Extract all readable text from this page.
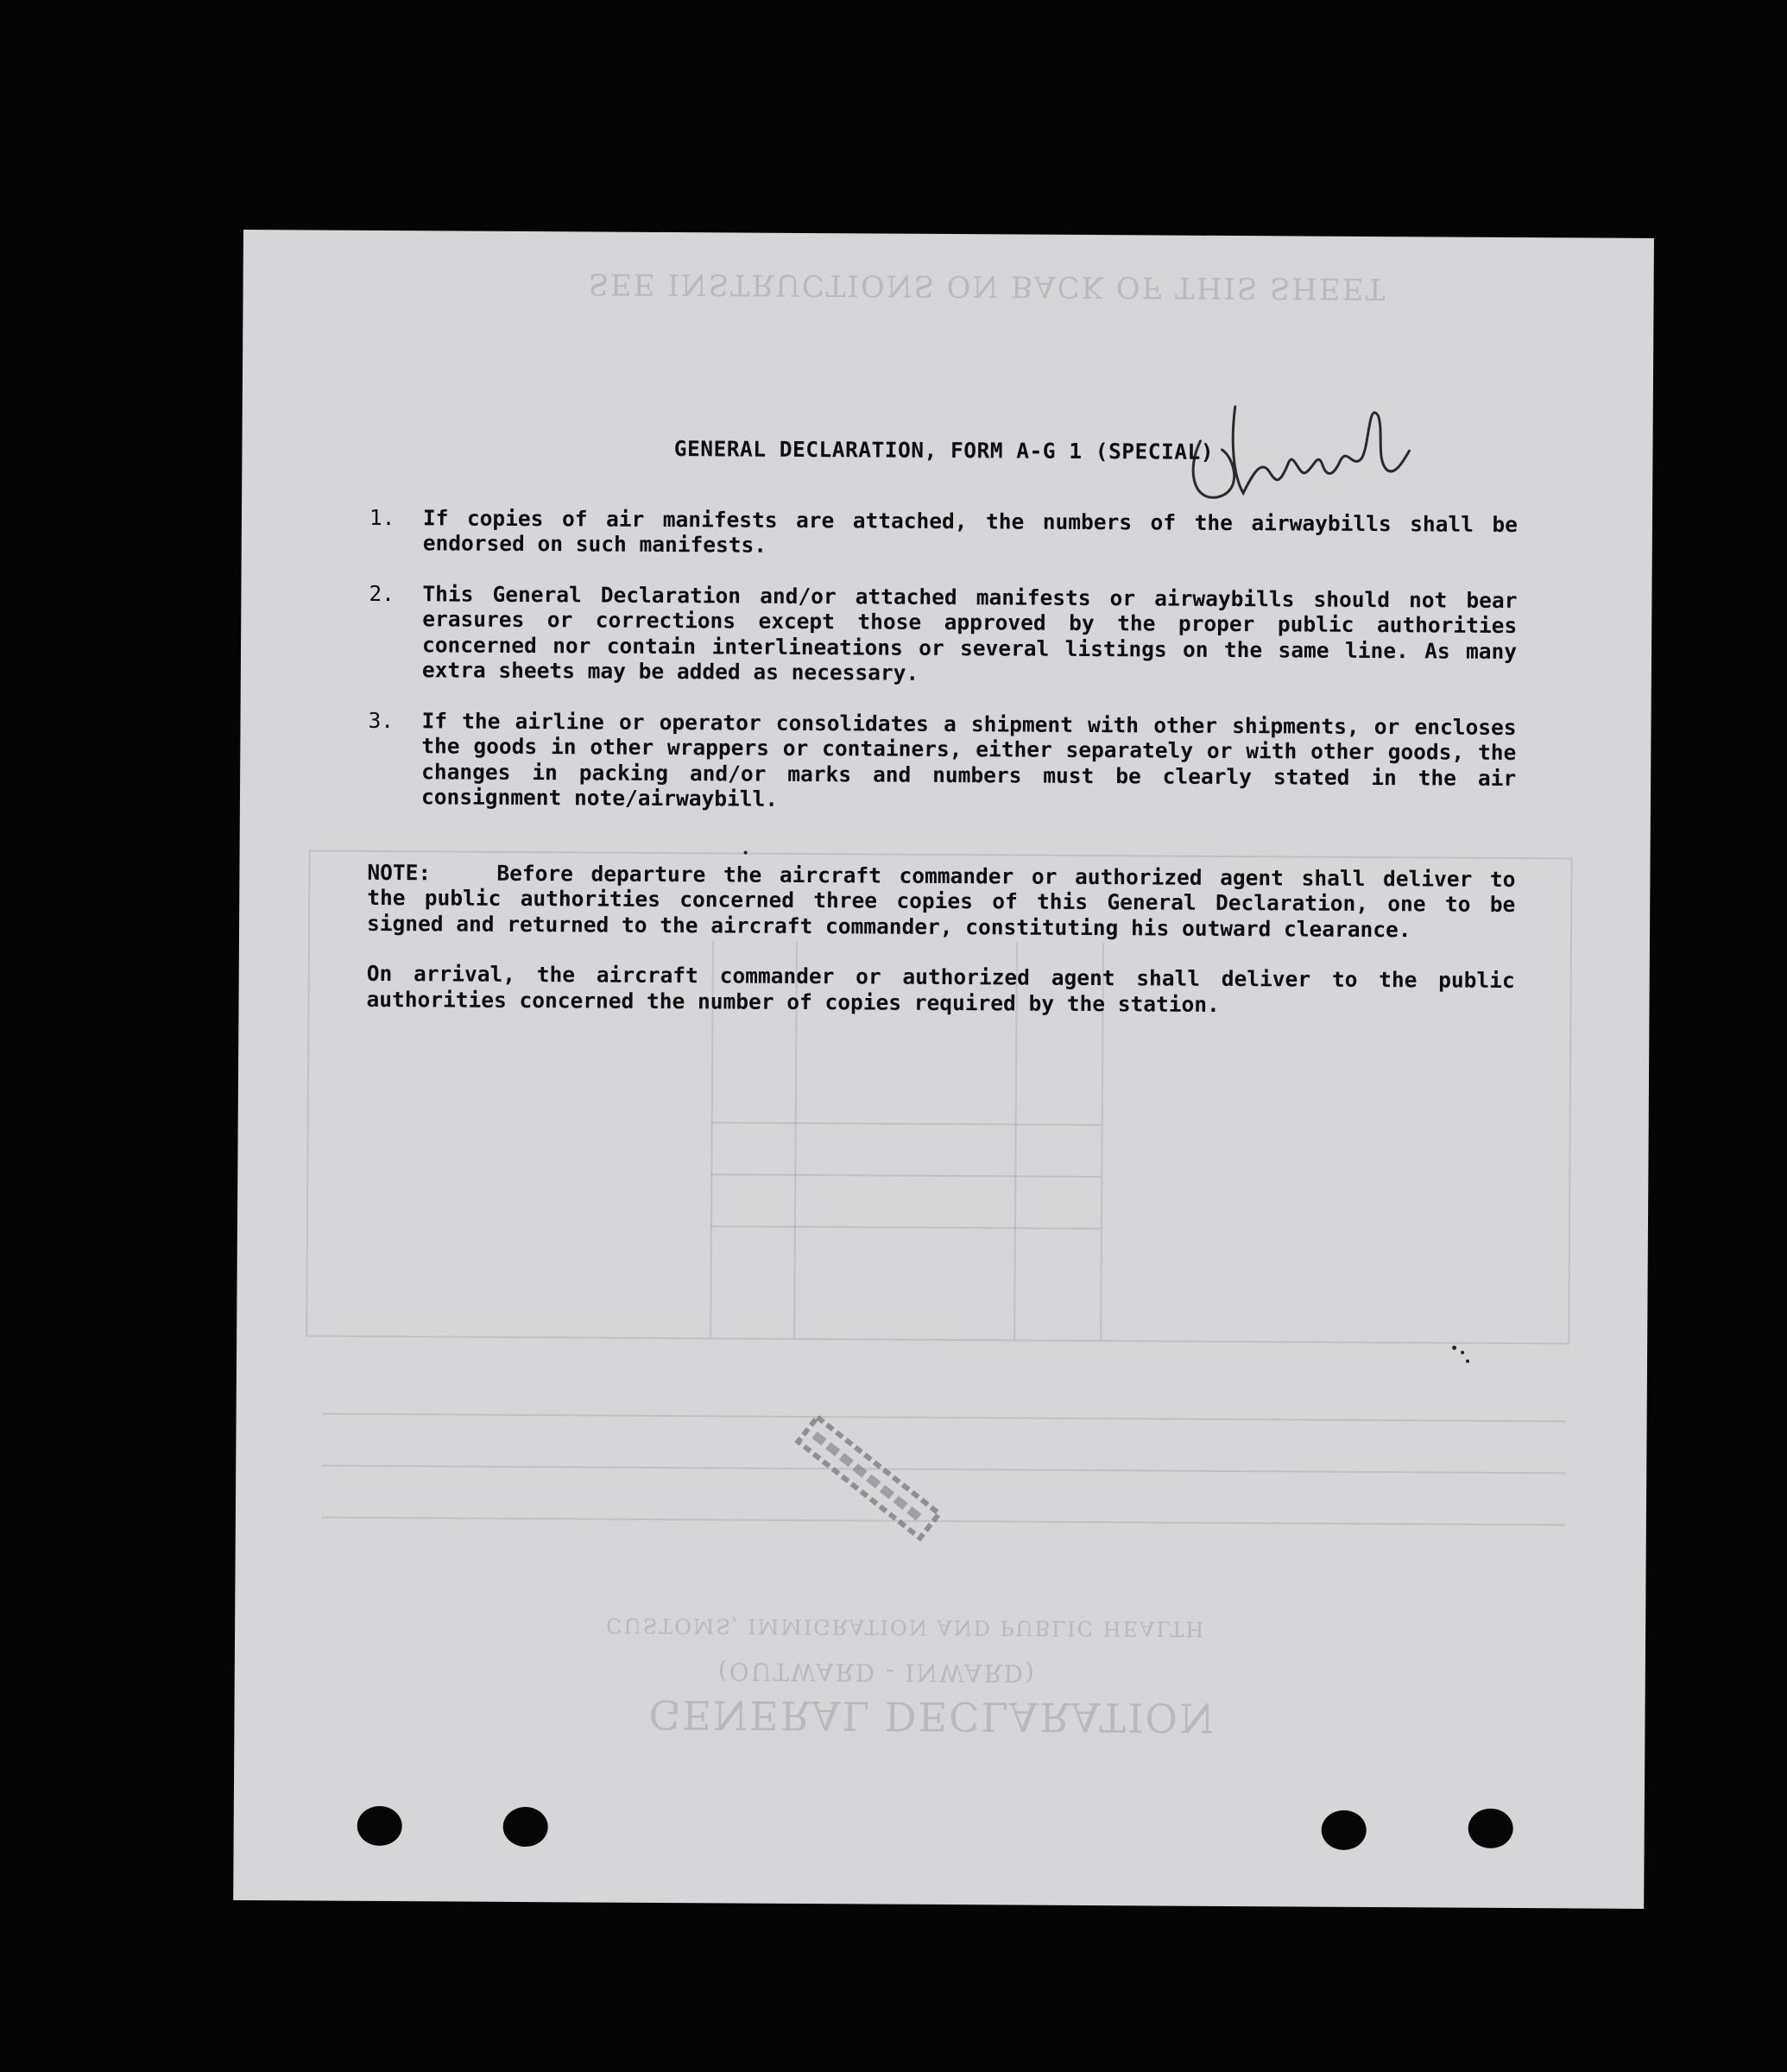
SEE INSTRUCTIONS ON BACK OF THIS SHEET
GENERAL DECLARATION
(OUTWARD - INWARD)
CUSTOMS, IMMIGRATION AND PUBLIC HEALTH
GENERAL DECLARATION, FORM A-G 1 (SPECIAL)
1.	If copies of air manifests are attached, the numbers of the airwaybills shall be endorsed on such manifests.
2.	This General Declaration and/or attached manifests or airwaybills should not bear erasures or corrections except those approved by the proper public authorities concerned nor contain interlineations or several listings on the same line. As many extra sheets may be added as necessary.
3.	If the airline or operator consolidates a shipment with other shipments, or encloses the goods in other wrappers or containers, either separately or with other goods, the changes in packing and/or marks and numbers must be clearly stated in the air consignment note/airwaybill.
NOTE:	Before departure the aircraft commander or authorized agent shall deliver to the public authorities concerned three copies of this General Declaration, one to be signed and returned to the aircraft commander, constituting his outward clearance.
On arrival, the aircraft commander or authorized agent shall deliver to the public authorities concerned the number of copies required by the station.
